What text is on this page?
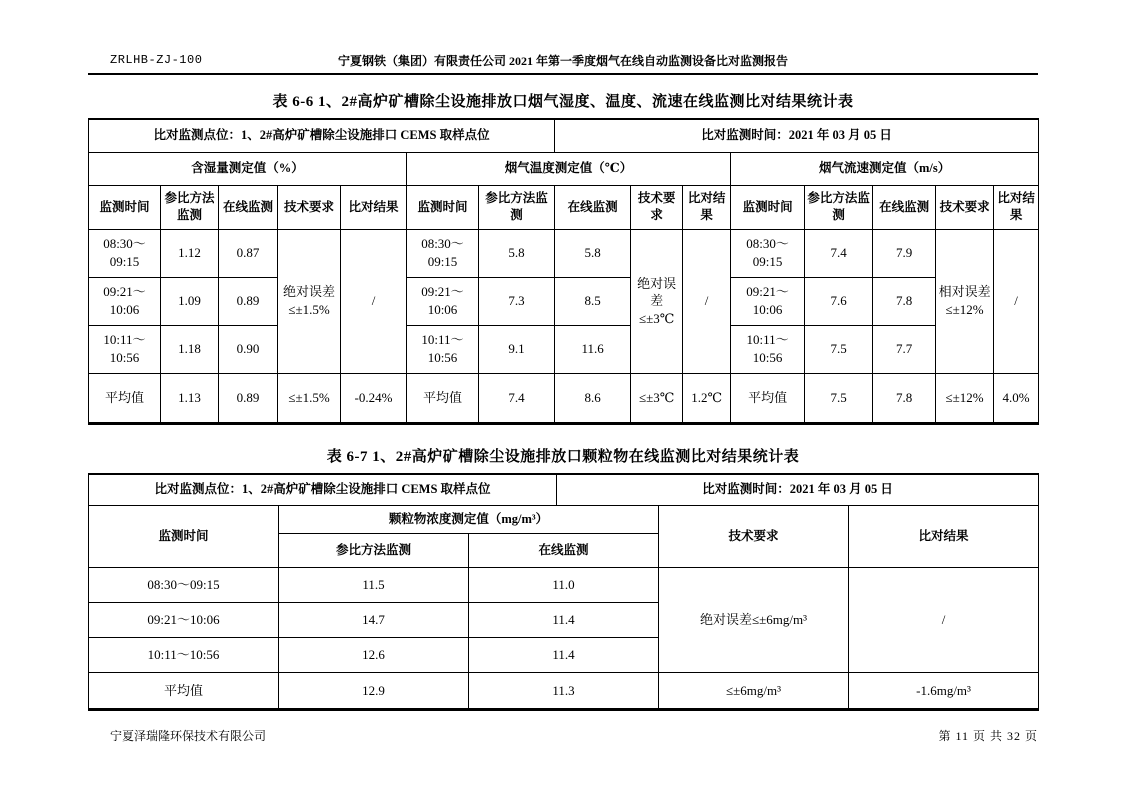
ZRLHB-ZJ-100	宁夏钢铁（集团）有限责任公司 2021 年第一季度烟气在线自动监测设备比对监测报告
表 6-6 1、2#高炉矿槽除尘设施排放口烟气湿度、温度、流速在线监测比对结果统计表
比对监测点位：1、2#高炉矿槽除尘设施排口 CEMS 取样点位							比对监测时间：2021 年 03 月 05 日							
含湿量测定值（%）					烟气温度测定值（℃）					烟气流速测定值（m/s）				
监测时间	参比方法监测	在线监测	技术要求	比对结果	监测时间	参比方法监测	在线监测	技术要求	比对结果	监测时间	参比方法监测	在线监测	技术要求	比对结果
08:30～​09:15	1.12	0.87	绝对误差≤±1.5%	/	08:30～​09:15	5.8	5.8	绝对误差≤±3℃	/	08:30～​09:15	7.4	7.9	相对误差≤±12%	/
09:21～​10:06	1.09	0.89			09:21～​10:06	7.3	8.5			09:21～​10:06	7.6	7.8		
10:11～​10:56	1.18	0.90			10:11～​10:56	9.1	11.6			10:11～​10:56	7.5	7.7		
平均值	1.13	0.89	≤±1.5%	-0.24%	平均值	7.4	8.6	≤±3℃	1.2℃	平均值	7.5	7.8	≤±12%	4.0%
表 6-7 1、2#高炉矿槽除尘设施排放口颗粒物在线监测比对结果统计表
比对监测点位：1、2#高炉矿槽除尘设施排口 CEMS 取样点位			比对监测时间：2021 年 03 月 05 日		
监测时间	颗粒物浓度测定值（mg/m³）			技术要求	比对结果
	参比方法监测	在线监测			
08:30～​09:15	11.5	11.0		绝对误差≤±6mg/m³	/
09:21～​10:06	14.7	11.4			
10:11～​10:56	12.6	11.4			
平均值	12.9	11.3		≤±6mg/m³	-1.6mg/m³
宁夏泽瑞隆环保技术有限公司	第 11 页 共 32 页
